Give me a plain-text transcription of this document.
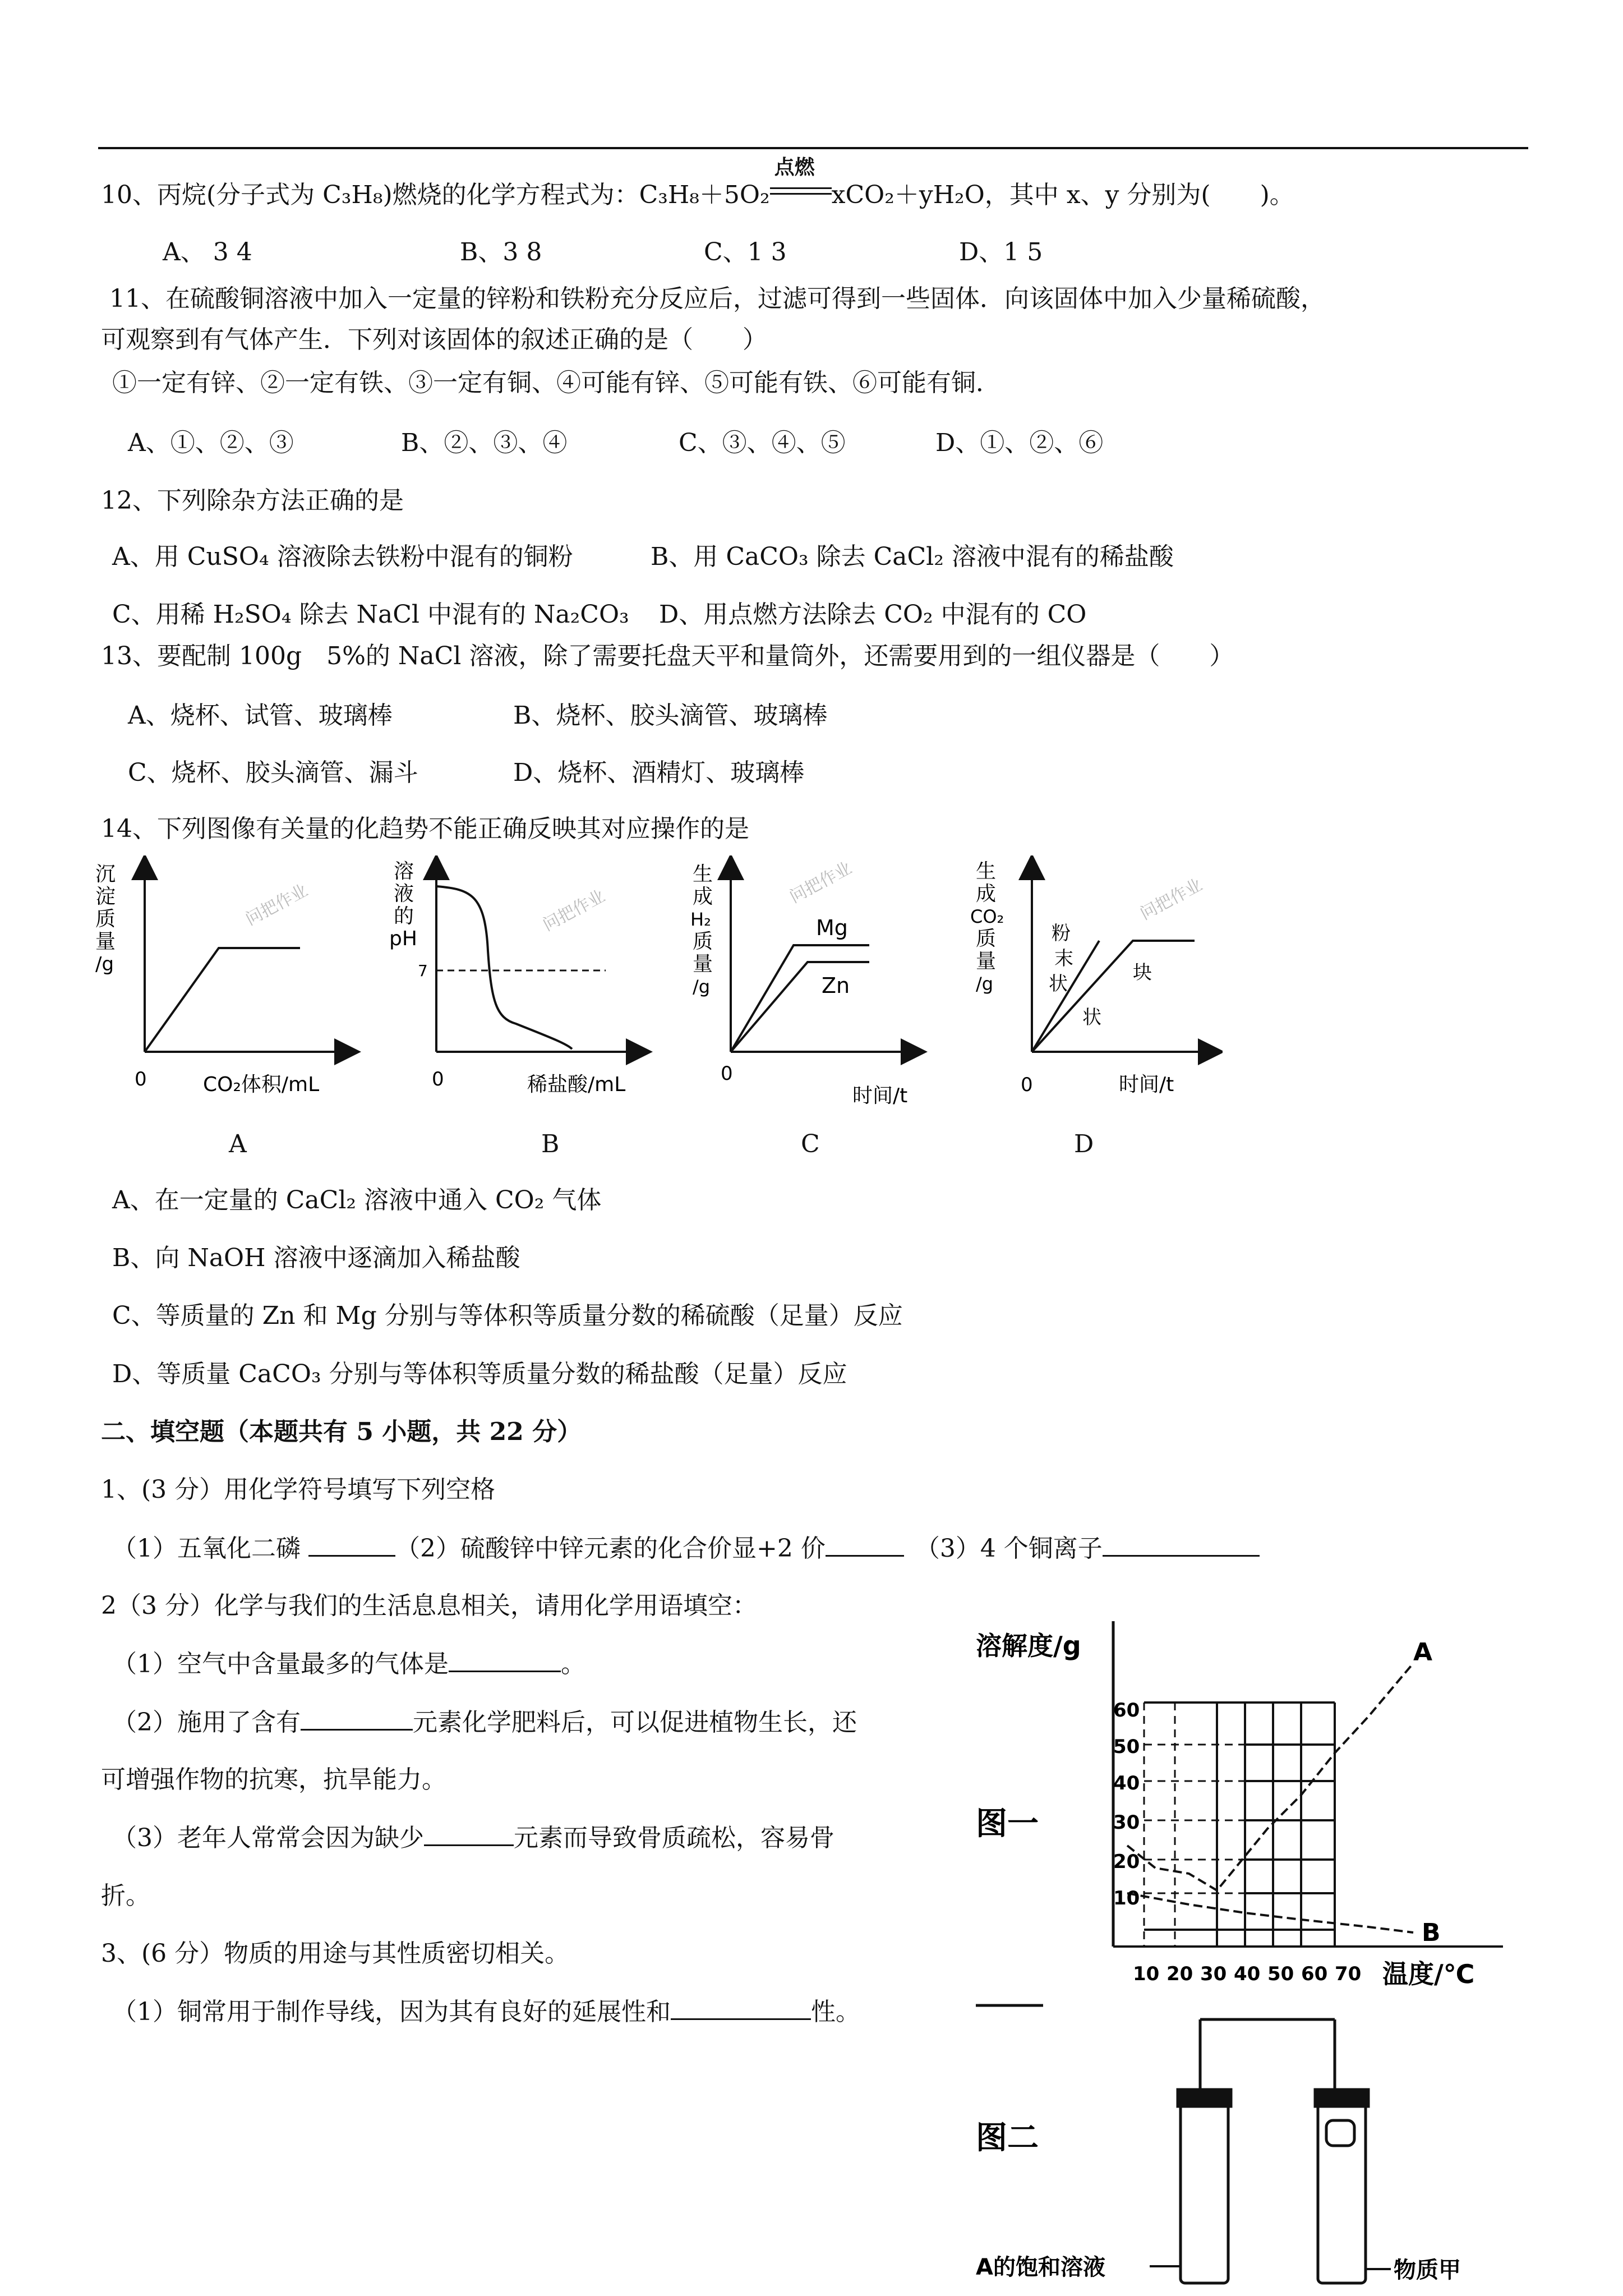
10、丙烷(分子式为 C₃H₈)燃烧的化学方程式为：C₃H₈＋5O₂
点燃
xCO₂＋yH₂O，其中 x、y 分别为(　　)。
A、 3 4	B、3 8	C、1 3	D、1 5
11、在硫酸铜溶液中加入一定量的锌粉和铁粉充分反应后，过滤可得到一些固体．向该固体中加入少量稀硫酸，
可观察到有气体产生．下列对该固体的叙述正确的是（　　）
①一定有锌、②一定有铁、③一定有铜、④可能有锌、⑤可能有铁、⑥可能有铜．
A、①、②、③	B、②、③、④	C、③、④、⑤	D、①、②、⑥
12、下列除杂方法正确的是
A、用 CuSO₄ 溶液除去铁粉中混有的铜粉	B、用 CaCO₃ 除去 CaCl₂ 溶液中混有的稀盐酸
C、用稀 H₂SO₄ 除去 NaCl 中混有的 Na₂CO₃ D、用点燃方法除去 CO₂ 中混有的 CO
13、要配制 100g　5%的 NaCl 溶液，除了需要托盘天平和量筒外，还需要用到的一组仪器是（　　）
A、烧杯、试管、玻璃棒	B、烧杯、胶头滴管、玻璃棒
C、烧杯、胶头滴管、漏斗	D、烧杯、酒精灯、玻璃棒
14、下列图像有关量的化趋势不能正确反映其对应操作的是
沉
淀
质
量
/g
0	CO₂体积/mL
问把作业
溶
液
的
pH
7
0	稀盐酸/mL
问把作业
生
成
H₂
质
量
/g
Mg
Zn
0
时间/t
问把作业	生
成
CO₂
质
量
/g
粉
末
状	块
状
0	时间/t
问把作业
A	B	C	D
A、在一定量的 CaCl₂ 溶液中通入 CO₂ 气体
B、向 NaOH 溶液中逐滴加入稀盐酸
C、等质量的 Zn 和 Mg 分别与等体积等质量分数的稀硫酸（足量）反应
D、等质量 CaCO₃ 分别与等体积等质量分数的稀盐酸（足量）反应
二、填空题（本题共有 5 小题，共 22 分）
1、(3 分）用化学符号填写下列空格
（1）五氧化二磷	（2）硫酸锌中锌元素的化合价显+2 价	（3）4 个铜离子
2（3 分）化学与我们的生活息息相关，请用化学用语填空：
（1）空气中含量最多的气体是	。
（2）施用了含有	元素化学肥料后，可以促进植物生长，还
可增强作物的抗寒，抗旱能力。
（3）老年人常常会因为缺少	元素而导致骨质疏松，容易骨
折。
3、(6 分）物质的用途与其性质密切相关。
（1）铜常用于制作导线，因为其有良好的延展性和	性。
溶解度/g
60
50
40
30
20
10
A
B
图一
10 20 30 40 50 60 70 温度/℃
图二
A的饱和溶液	物质甲
